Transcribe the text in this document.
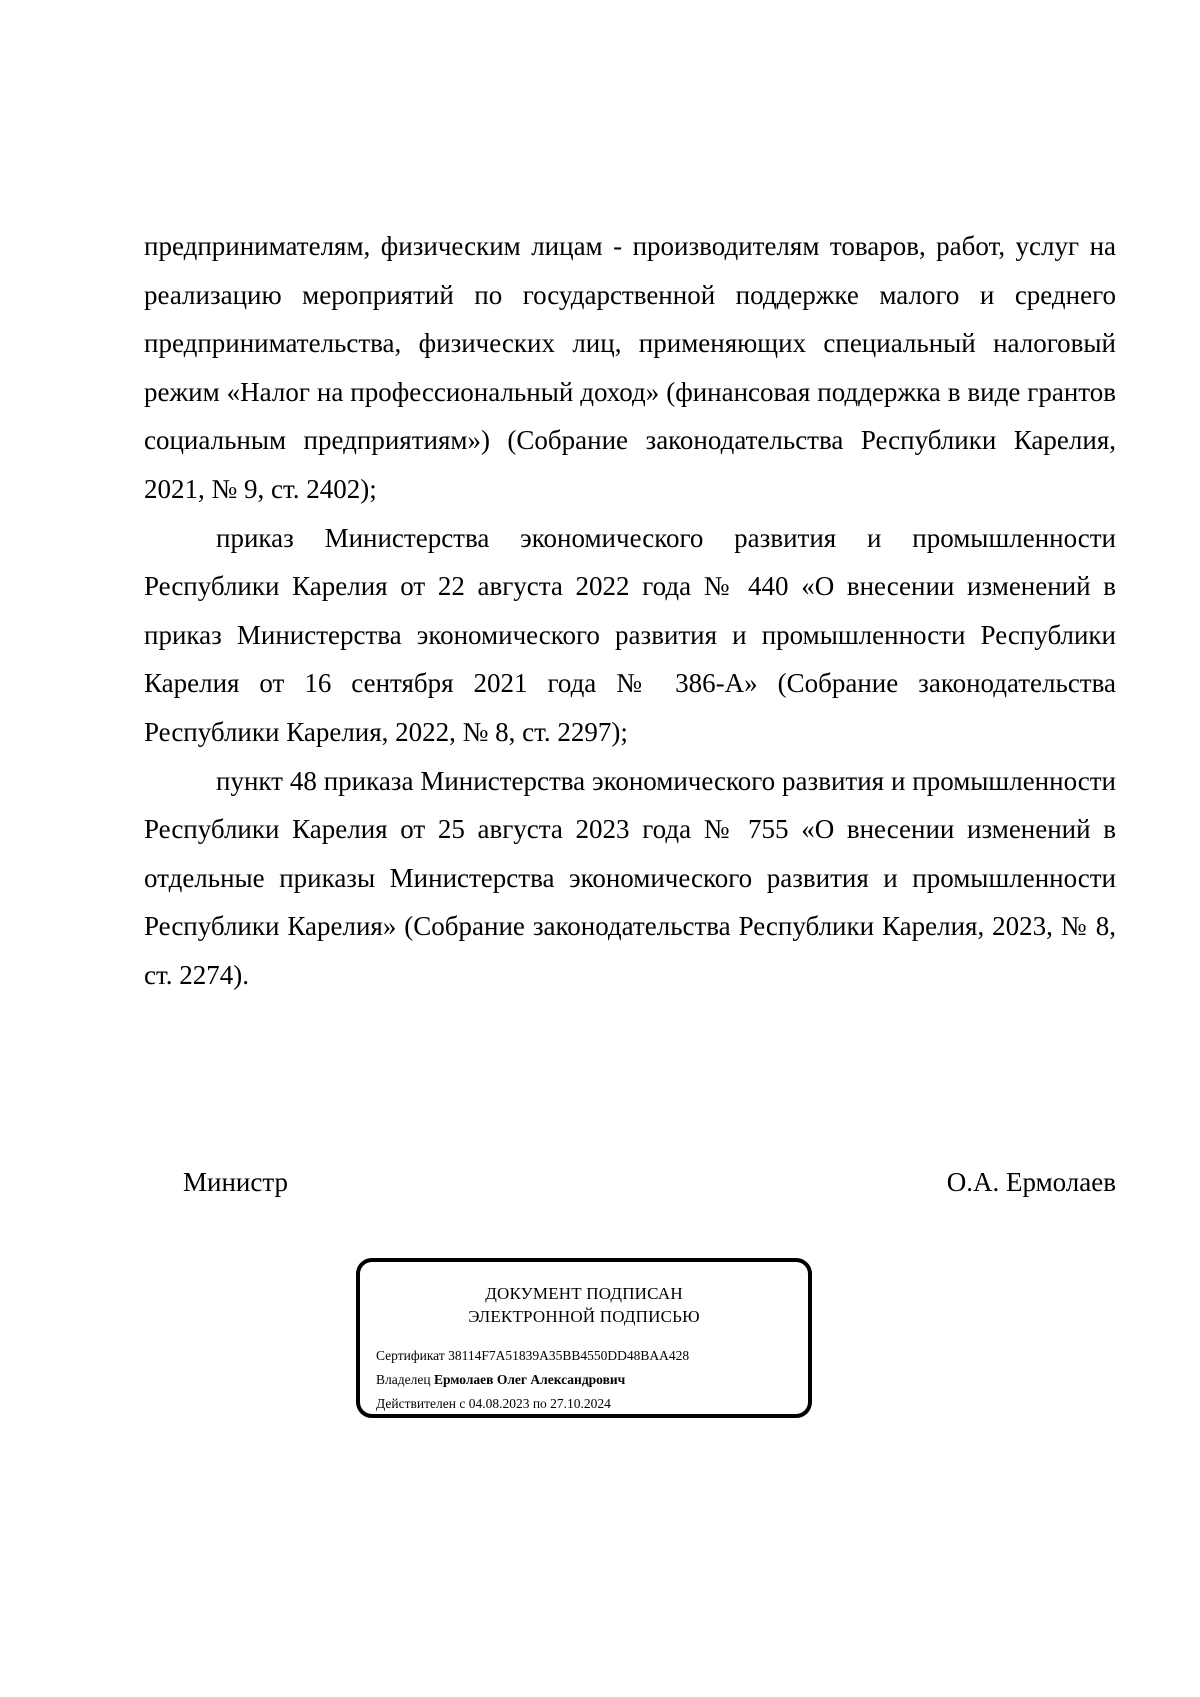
предпринимателям, физическим лицам - производителям товаров, работ, услуг на реализацию мероприятий по государственной поддержке малого и среднего предпринимательства, физических лиц, применяющих специальный налоговый режим «Налог на профессиональный доход» (финансовая поддержка в виде грантов социальным предприятиям») (Собрание законодательства Республики Карелия, 2021, № 9, ст. 2402);

приказ Министерства экономического развития и промышленности Республики Карелия от 22 августа 2022 года № 440 «О внесении изменений в приказ Министерства экономического развития и промышленности Республики Карелия от 16 сентября 2021 года № 386-А» (Собрание законодательства Республики Карелия, 2022, № 8, ст. 2297);

пункт 48 приказа Министерства экономического развития и промышленности Республики Карелия от 25 августа 2023 года № 755 «О внесении изменений в отдельные приказы Министерства экономического развития и промышленности Республики Карелия» (Собрание законодательства Республики Карелия, 2023, № 8, ст. 2274).

Министр	О.А. Ермолаев
ДОКУМЕНТ ПОДПИСАН
ЭЛЕКТРОННОЙ ПОДПИСЬЮ
Сертификат 38114F7A51839A35BB4550DD48BAA428
Владелец Ермолаев Олег Александрович
Действителен с 04.08.2023 по 27.10.2024
